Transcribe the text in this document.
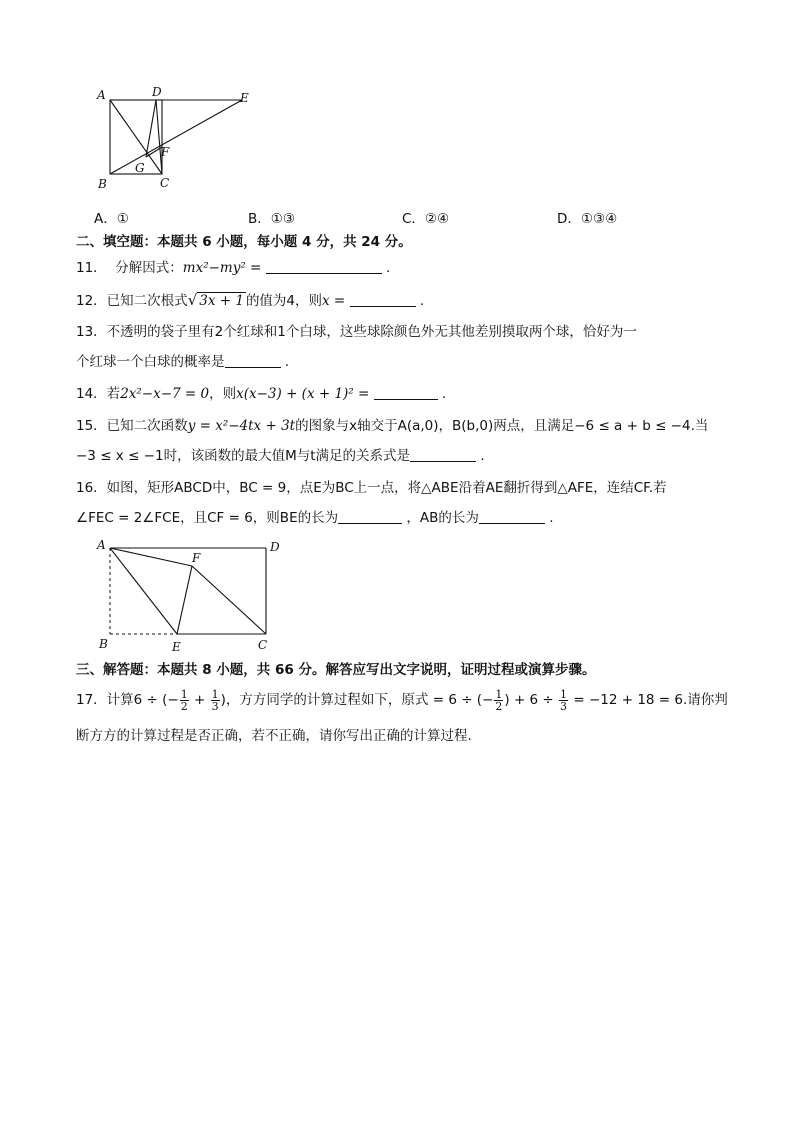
A	D	E
B	C
G
F
A．①	B．①③	C．②④	D．①③④
二、填空题：本题共 6 小题，每小题 4 分，共 24 分。
11． 分解因式：mx²−my² =	.
12．已知二次根式√ 3x + 1 的值为4，则x =	.
13．不透明的袋子里有2个红球和1个白球，这些球除颜色外无其他差别摸取两个球，恰好为一
个红球一个白球的概率是	.
14．若2x²−x−7 = 0，则x(x−3) + (x + 1)² =	.
15．已知二次函数y = x²−4tx + 3t的图象与x轴交于A(a,0)，B(b,0)两点，且满足−6 ≤ a + b ≤ −4.当
−3 ≤ x ≤ −1时，该函数的最大值M与t满足的关系式是	.
16．如图，矩形ABCD中，BC = 9，点E为BC上一点，将△ABE沿着AE翻折得到△AFE，连结CF.若
∠FEC = 2∠FCE，且CF = 6，则BE的长为	，AB的长为	.
A	D
F
B	E	C
三、解答题：本题共 8 小题，共 66 分。解答应写出文字说明，证明过程或演算步骤。
17．计算6 ÷ (− $\frac{1}{2} + \frac{1}{3}$ )，方方同学的计算过程如下，原式 = 6 ÷ (− $\frac{1}{2}$ ) + $6 \div \frac{1}{3} = -12 + 18 = 6$.请你判
断方方的计算过程是否正确，若不正确，请你写出正确的计算过程.
